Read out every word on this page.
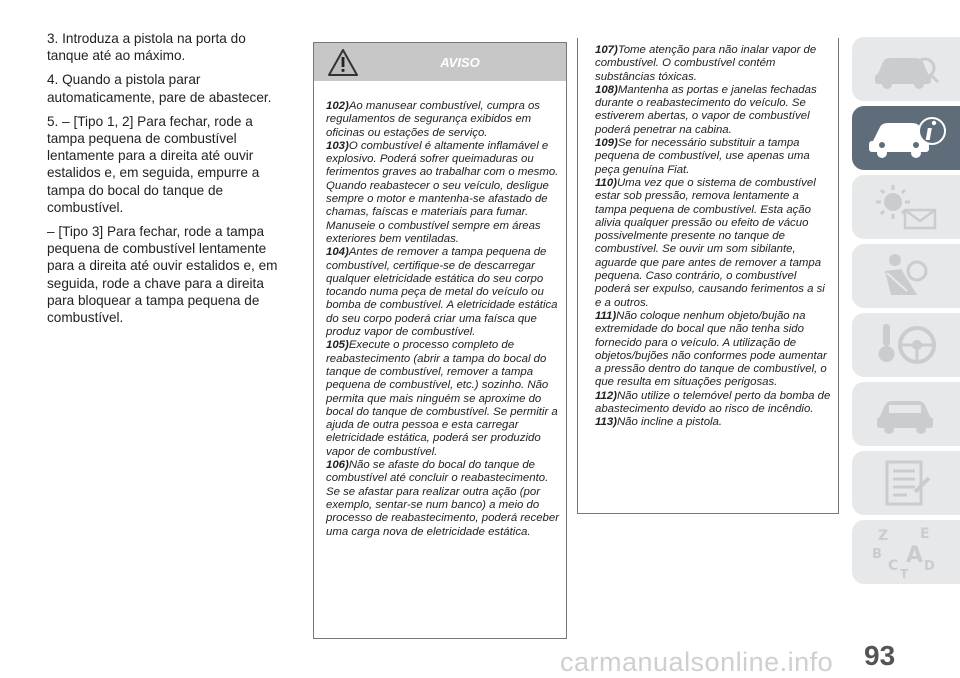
3. Introduza a pistola na porta do tanque até ao máximo.

4. Quando a pistola parar automaticamente, pare de abastecer.

5. – [Tipo 1, 2] Para fechar, rode a tampa pequena de combustível lentamente para a direita até ouvir estalidos e, em seguida, empurre a tampa do bocal do tanque de combustível.

– [Tipo 3] Para fechar, rode a tampa pequena de combustível lentamente para a direita até ouvir estalidos e, em seguida, rode a chave para a direita para bloquear a tampa pequena de combustível.

AVISO

102)Ao manusear combustível, cumpra os regulamentos de segurança exibidos em oficinas ou estações de serviço.

103)O combustível é altamente inflamável e explosivo. Poderá sofrer queimaduras ou ferimentos graves ao trabalhar com o mesmo. Quando reabastecer o seu veículo, desligue sempre o motor e mantenha-se afastado de chamas, faíscas e materiais para fumar. Manuseie o combustível sempre em áreas exteriores bem ventiladas.

104)Antes de remover a tampa pequena de combustível, certifique-se de descarregar qualquer eletricidade estática do seu corpo tocando numa peça de metal do veículo ou bomba de combustível. A eletricidade estática do seu corpo poderá criar uma faísca que produz vapor de combustível.

105)Execute o processo completo de reabastecimento (abrir a tampa do bocal do tanque de combustível, remover a tampa pequena de combustível, etc.) sozinho. Não permita que mais ninguém se aproxime do bocal do tanque de combustível. Se permitir a ajuda de outra pessoa e esta carregar eletricidade estática, poderá ser produzido vapor de combustível.

106)Não se afaste do bocal do tanque de combustível até concluir o reabastecimento. Se se afastar para realizar outra ação (por exemplo, sentar-se num banco) a meio do processo de reabastecimento, poderá receber uma carga nova de eletricidade estática.

107)Tome atenção para não inalar vapor de combustível. O combustível contém substâncias tóxicas.

108)Mantenha as portas e janelas fechadas durante o reabastecimento do veículo. Se estiverem abertas, o vapor de combustível poderá penetrar na cabina.

109)Se for necessário substituir a tampa pequena de combustível, use apenas uma peça genuína Fiat.

110)Uma vez que o sistema de combustível estar sob pressão, remova lentamente a tampa pequena de combustível. Esta ação alivia qualquer pressão ou efeito de vácuo possivelmente presente no tanque de combustível. Se ouvir um som sibilante, aguarde que pare antes de remover a tampa pequena. Caso contrário, o combustível poderá ser expulso, causando ferimentos a si e a outros.

111)Não coloque nenhum objeto/bujão na extremidade do bocal que não tenha sido fornecido para o veículo. A utilização de objetos/bujões não conformes pode aumentar a pressão dentro do tanque de combustível, o que resulta em situações perigosas.

112)Não utilize o telemóvel perto da bomba de abastecimento devido ao risco de incêndio.

113)Não incline a pistola.

Z E
B A
C T D
carmanualsonline.info 93
